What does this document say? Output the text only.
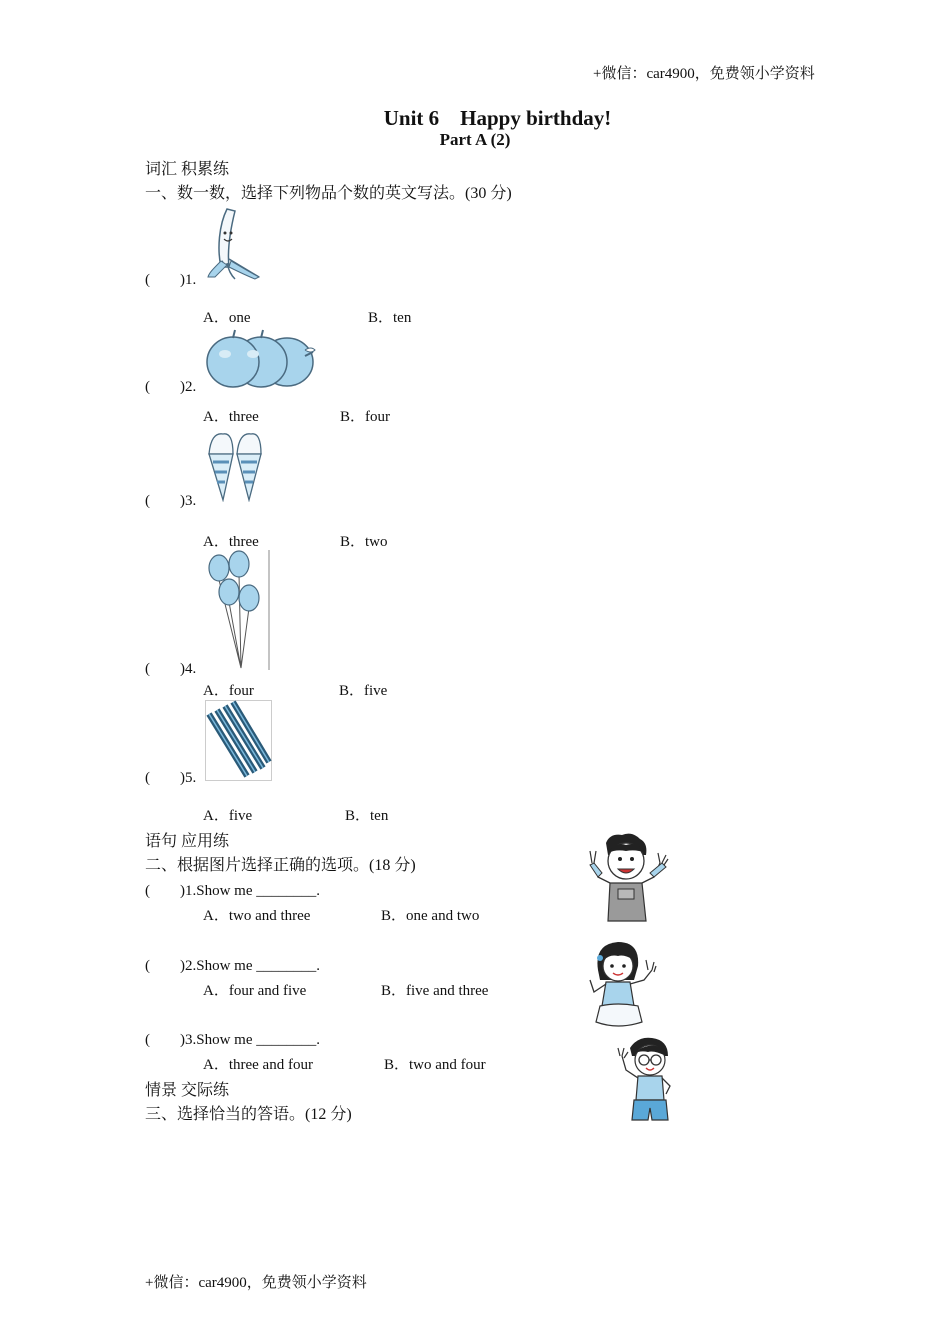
+微信：car4900，免费领小学资料
Unit 6　Happy birthday!
Part A (2)
词汇 积累练
一、数一数，选择下列物品个数的英文写法。(30 分)
(　　)1.
A．one	B．ten
(　　)2.
A．three	B．four
(　　)3.
A．three	B．two
(　　)4.
A．four	B．five
(　　)5.
A．five	B．ten
语句 应用练
二、根据图片选择正确的选项。(18 分)
(　　)1.Show me ________.
A．two and three	B．one and two
(　　)2.Show me ________.
A．four and five	B．five and three
(　　)3.Show me ________.
A．three and four	B．two and four
情景 交际练
三、选择恰当的答语。(12 分)
+微信：car4900，免费领小学资料
